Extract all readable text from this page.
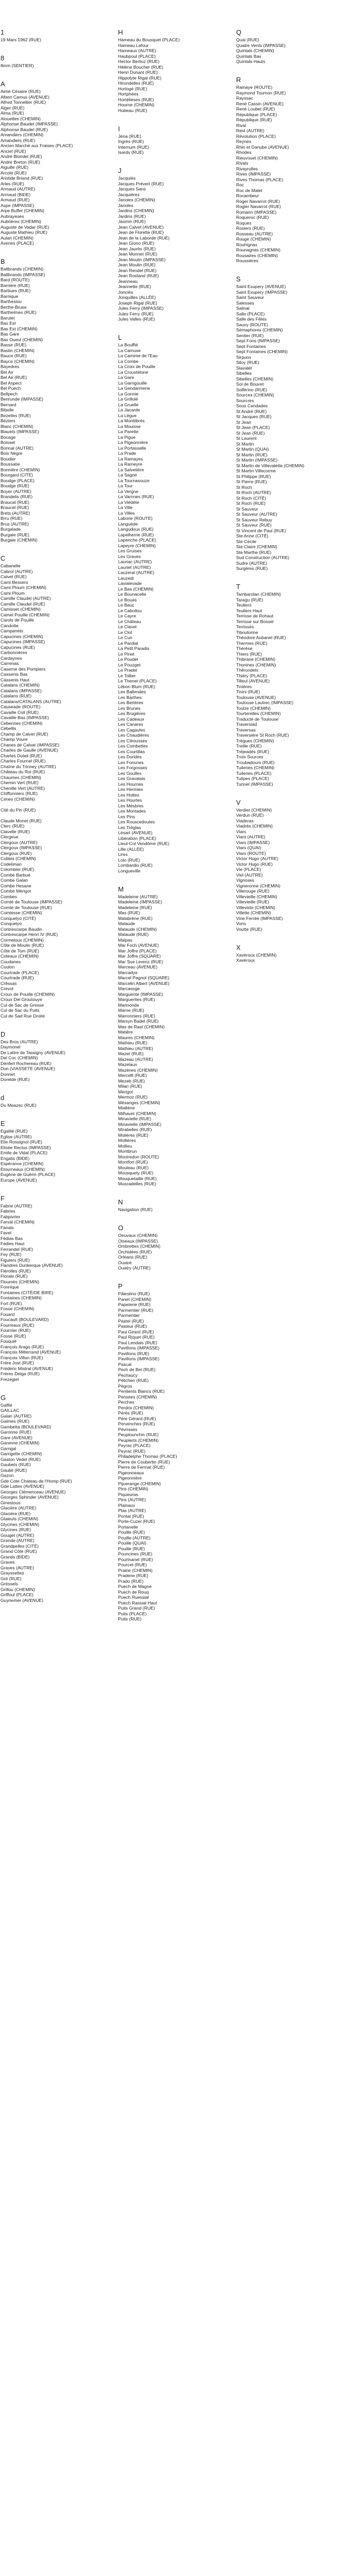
1
19 Mars 1962 (RUE)
8
8mm (SENTIER)
A
Aimé Césaire (RUE)
Albert Camus (AVENUE)
Alfred Tonnellier (RUE)
Alger (RUE)
Alma (RUE)
Alouettes (CHEMIN)
Alphonse Baudet (IMPASSE)
Alphonse Baudet (RUE)
Amandiers (CHEMIN)
Amandiers (RUE)
Ancien Marché aux Fraises (PLACE)
Anciel (RUE)
André Blondel (RUE)
André Breton (RUE)
Aiguille (RUE)
Arcole (RUE)
Aristide Briand (RUE)
Arles (RUE)
Armaud (AUTRE)
Armaud (BIDE)
Armaud (RUE)
Aspe (IMPASSE)
Arpe Buffet (CHEMIN)
Aubrayeses
Aubrières (CHEMIN)
Auguste de Vadar (RUE)
Auguste Mathieu (RUE)
Aulan (CHEMIN)
Avenes (PLACE)
B
Baltbrands (CHEMIN)
Baltbrands (IMPASSE)
Bard (ROUTE)
Barrière (RUE)
Barbues (RUE)
Barnique
Barthesiou
Berthe-Bruse
Barthelmes (RUE)
Barutel
Bas Est
Bas Est (CHEMIN)
Bas Gare
Bas Ouest (CHEMIN)
Basse (RUE)
Bastin (CHEMIN)
Bauce (RUE)
Bayce (CHEMIN)
Bayedres
Bel Air
Bel Air (RUE)
Bel Aspect
Bel Puech
Bellpech
Benrunde (IMPASSE)
Bernard
Bibelle
Bezelles (RUE)
Béziers
Blanc (CHEMIN)
Blauets (IMPASSE)
Bocage
Boissel
Bonnal (AUTRE)
Bois Nègre
Boudier
Boussatie
Bonnière (CHEMIN)
Bourgard (CITÉ)
Boudge (PLACE)
Boudge (RUE)
Boyer (AUTRE)
Brandelis (RUE)
Braucat (RUE)
Braucel (RUE)
Brets (AUTRE)
Brru (RUE)
Brus (AUTRE)
Burgalade
Burgale (RUE)
Burgale (CHEMIN)
C
Cabanelle
Cabrol (AUTRE)
Calvet (RUE)
Cami Bessers
Cami Ploum (CHEMIN)
Cami Ploum
Camille Claudel (AUTRE)
Camille Claudel (RUE)
Camisset (CHEMIN)
Camel Pouille (CHEMIN)
Carols de Pouille
Candotte
Campanets
Capucines (CHEMIN)
Capucines (IMPASSE)
Capucines (RUE)
Carbonnières
Cardaynes
Carrenas
Caserne des Pompiers
Cassenis Bas
Cassenis Haut
Catalans (CHEMIN)
Catalans (IMPASSE)
Catalans (RUE)
Catalans/CATALANS (AUTRE)
Causeade (ROUTE)
Cavaille Coll (RUE)
Cavaille-Bas (IMPASSE)
Cebennes (CHEMIN)
Cébellis
Champ de Calvet (RUE)
Champ Voure
Chanes de Calvat (IMPASSE)
Charles de Gaulle (AVENUE)
Charles Duteil (RUE)
Charles Fournel (RUE)
Chaîne du Trinney (AUTRE)
Château du Roi (RUE)
Chaumes (CHEMIN)
Chemin Vert (RUE)
Chenille Vert (AUTRE)
Chiffonniers (RUE)
Cimes (CHEMIN)
Cité du Pin (RUE)
Claude Monet (RUE)
Clerc (RUE)
Clavelle (RUE)
Clergeue
Clergoux (AUTRE)
Clergoux (IMPASSE)
Clergoux (RUE)
Cobbis (CHEMIN)
Codeliman
Colombier (RUE)
Combe Barbuè
Combe Galan
Combe Hesane
Combe Mérigot
Combes
Comté de Toulouse (IMPASSE)
Comté de Toulouse (RUE)
Comtesse (CHEMIN)
Conquelyo (CITÉ)
Conquelyo
Contrescarpe Baudin
Contrescarpe Henri IV (RUE)
Cormeloux (CHEMIN)
Côte de Moulin (RUE)
Côte de Tom (RUE)
Coteaux (CHEMIN)
Coudanes
Coulon
Courtrade (PLACE)
Courtrade (RUE)
Crêssas
Crevol
Croux de Pouille (CHEMIN)
Croux Del Groutouye
Cul de Sac de Gresse
Cul de Sac du Puits
Cul de Sad Rue Droite
D
Des Bros (AUTRE)
Daymonel
De Lattre de Tassigny (AVENUE)
Del Coc (CHEMIN)
Denfert Rochereau (RUE)
Don (VIASSETE (AVENUE)
Donnet
Dorelde (RUE)
d
Du Meazec (RUE)
E
Egalité (RUE)
Eglise (AUTRE)
Elie Rossignol (RUE)
Elisée Reclus (IMPASSE)
Emile de Vidal (PLACE)
Engalis (BIDE)
Espérance (CHEMIN)
Etourneaux (CHEMIN)
Eugène de Guérin (PLACE)
Europe (AVENUE)
F
Fabrie (AUTRE)
Fabries
Fabpivrier
Farval (CHEMIN)
Fanals
Favel
Fédias Bas
Fédies Haut
Ferrandel (RUE)
Fey (RUE)
Figuiers (RUE)
Flandres Dunkerque (AVENUE)
Flérolles (RUE)
Florale (RUE)
Floumès (CHEMIN)
Fonnique
Fontaines (CITÉ/DE BIRE)
Fontaines (CHEMIN)
Fort (RUE)
Fosse (CHEMIN)
Fouard
Foucault (BOULEVARD)
Fourreaux (RUE)
Fournier (RUE)
Fosse (RUE)
Fouquié
François Arago (RUE)
François Mitterrand (AVENUE)
François Villon (RUE)
Frère Jost (RUE)
Frédéric Mistral (AVENUE)
Frères Delga (RUE)
Frezegiel
G
Gaffié
GAILLAC
Galan (AUTRE)
Galmes (RUE)
Gambetta (BOULEVARD)
Garonne (RUE)
Gare (AVENUE)
Garenne (CHEMIN)
Garrigal
Garrigette (CHEMIN)
Gaston Vedel (RUE)
Gaubets (RUE)
Gaubil (RUE)
Gazon
Gde Cote Chateau de l'Homp (RUE)
Gde Lattes (AVENUE)
Georges Clémenceau (AVENUE)
Georges Sphinder (AVENUE)
Ginestous
Glacière (AUTRE)
Glacière (RUE)
Glaieuls (CHEMIN)
Glycines (CHEMIN)
Glycines (RUE)
Gouget (AUTRE)
Grande (AUTRE)
Grandpelles (CITÉ)
Grand Côte (RUE)
Grands (BIDE)
Graves
Graves (AUTRE)
Grayssettes
Gré (RUE)
Gréssels
Grillou (CHEMIN)
Griffoul (PLACE)
Guynemer (AVENUE)
H
Hameau du Bousquet (PLACE)
Hameau Lafour
Hameaux (AUTRE)
Haubpoul (PLACE)
Hector Berlioz (RUE)
Hélène Boucher (RUE)
Henri Dunant (RUE)
Hippolyte Rigal (RUE)
Hirondelles (RUE)
Horlogé (RUE)
Hortphées
Hortélieses (RUE)
Hourne (CHEMIN)
Hubeau (RUE)
I
Jéna (RUE)
Ingrès (RUE)
Internum (RUE)
Isards (RUE)
J
Jacquiès
Jacques Prévert (RUE)
Jacques Sans
Jacquières
Janoles (CHEMIN)
Janoles
Jardins (CHEMIN)
Jardins (RUE)
Jasmin (RUE)
Jean Calvet (AVENUE)
Jean de Florette (RUE)
Jean de la Laborde (RUE)
Jean Giono (RUE)
Jean Jaurès (RUE)
Jean Monnet (RUE)
Jean Moulin (IMPASSE)
Jean Moulin (RUE)
Jean Rendel (RUE)
Jean Rostand (RUE)
Jeanneau
Jeannette (RUE)
Jonciès
Jonquilles (ALLÉE)
Joseph Rigal (RUE)
Jules Ferry (IMPASSE)
Jules Ferry (RUE)
Jules Valles (RUE)
L
La Bouffié
La Camuse
La Caminie de l'Eau
La Combe
La Croix de Pouille
La Croustéloné
La Gare
La Garrigouille
La Gendarmerie
La Gonnie
La Grillolé
La Gruelle
La Jacarde
La Lègue
La Montlibrés
La Mouisse
La Parette
La Pigue
La Pigeonnière
La Portasselle
La Prade
La Ramayes
La Rameyre
La Salvetière
La Sagne
La Tournasouze
La Tour
La Vergne
La Varnnes (RUE)
La Viédéte
La Ville
La Villes
Laborie (ROUTE)
Languède
Langudoux (RUE)
Lapelherrie (RUE)
Lapenche (PLACE)
Lapeyre (CHEMIN)
Les Gruises
Les Graves
Lauriac (AUTRE)
Lauriet (AUTRE)
Lauzeral (AUTRE)
Lauzedi
Lavialevade
Le Bas (CHEMIN)
Le Bounacelle
Le Bouas
Le Bauc
Le Cabollou
Le Cayre
Le Château
Le Clavel
Le Clot
Le Cun
Le Pardial
La Petit Paradis
Le Pinet
Le Poudel
Le Pouzget
Le Pradel
Le Tollier
Le Thenet (PLACE)
Lébon Blum (RUE)
Les Ballendes
Les Barthes
Les Bertères
Les Brunes
Les Brugières
Les Cadeaux
Les Canares
Les Cagaules
Les Chaudières
Les Cléousses
Les Combettes
Les Courtillas
Les Dorides
Les Fonunes
Les Forgosses
Les Goulles
Les Gravalais
Les Hournes
Les Hermies
Les Huttes
Les Hourtes
Les Mésbres
Les Montades
Les Pins
Les Rouscedoutes
Les Trèglas
Lésart (AVENUE)
Libération (PLACE)
Lieut-Col Vendôme (RUE)
Lille (ALLÉE)
Lires
Lolo (RUE)
Lombardio (RUE)
Longueville
M
Madeleine (AUTRE)
Madeleine (IMPASSE)
Madeleine (RUE)
Mas (RUE)
Malabrène (RUE)
Malaude
Malaude (CHEMIN)
Malaudé (RUE)
Malpas
Mar Foch (AVENUE)
Mar Joffre (PLACE)
Mar Joffre (SQUARE)
Mar Sue Lerenz (RUE)
Marceau (AVENUE)
Marcadye
Marcel Pagnol (SQUARE)
Marcelin Albert (AVENUE)
Marcassge
Marguerite (IMPASSE)
Marguerites (RUE)
Marinonde
Marne (RUE)
Marronniers (RUE)
Marsyn Badel (RUE)
Mas de Rast (CHEMIN)
Matière
Maures (CHEMIN)
Mathieu (RUE)
Mathieu (AUTRE)
Mazet (RUE)
Mazeau (AUTRE)
Mazelaux
Mazènes (CHEMIN)
Mercelll (RUE)
Mezeb (RUE)
Milan (RUE)
Merigot
Mermoz (RUE)
Mésanges (CHEMIN)
Mialtène
Milhavet (CHEMIN)
Minavielle (RUE)
Minavielle (IMPASSE)
Mirabelles (RUE)
Molières (RUE)
Mollières
Mollieu
Montbrun
Montredon (ROUTE)
Montfort (RUE)
Mouleau (RUE)
Mousquety (RUE)
Mouquetaille (RUE)
Muscadelles (RUE)
N
Navigation (RUE)
O
Oeuvaux (CHEMIN)
Oiseaux (IMPASSE)
Ombrettes (CHEMIN)
Orchidées (RUE)
Orléans (RUE)
Ouatré
Ouatry (AUTRE)
P
Pâlestino (RUE)
Panet (CHEMIN)
Papeterie (RUE)
Parmentier (RUE)
Parmentier
Pastel (RUE)
Pasteur (RUE)
Paul Girard (RUE)
Paul Riquet (RUE)
Paul Lendais (RUE)
Pavillons (IMPASSE)
Pavillons (RUE)
Pavillons (IMPASSE)
Pascal
Pech de Bel (RUE)
Pechaucy
Pélichen (RUE)
Pègros
Penitents Blancs (RUE)
Pensées (CHEMIN)
Perches
Perdrix (CHEMIN)
Pérès (RUE)
Père Gérard (RUE)
Pervenches (RUE)
Pévrisses
Peuplounchin (RUE)
Peuplerts (CHEMIN)
Peyrac (PLACE)
Peyrac (RUE)
Philadelphe Thomas (PLACE)
Pierre de Coubertin (RUE)
Pierre de Fermat (RUE)
Pigeonneaux
Pigeonnière
Pijuerange (CHEMIN)
Pins (CHEMIN)
Piqueuras
Pins (AUTRE)
Plainaux
Plas (AUTRE)
Pontal (RUE)
Porte-Cuzel (RUE)
Portanelle
Pouille (RUE)
Pouille (AUTRE)
Pouille (QUAI)
Pouille (RUE)
Pouncines (RUE)
Pourtnanel (RUE)
Pourcet (RUE)
Prairie (CHEMIN)
Praderie (RUE)
Prado (RUE)
Puech de Magne
Puech de Rouq
Puech Ruessial
Puech Rassial Haut
Puits Grand (RUE)
Puits (PLACE)
Puits (RUE)
Q
Quai (RUE)
Quatre Vents (IMPASSE)
Quintals (CHEMIN)
Quintals Bas
Quintals Hauts
R
Ramaye (ROUTE)
Raymond Tournon (RUE)
Rayssac
René Cassin (AVENUE)
René Loubet (RUE)
République (PLACE)
République (RUE)
Rival
Rest (AUTRE)
Révolution (PLACE)
Reynes
Rhin et Danube (AVENUE)
Rhodes
Rieuvouet (CHEMIN)
Rivals
Rivayrolles
Rives (IMPASSE)
Rives Thomas (PLACE)
Roc
Roc de Malet
Rocambeur
Roger Navarrot (RUE)
Rogier Navarrot (RUE)
Romarin (IMPASSE)
Roqueroc (RUE)
Roques
Rosiers (RUE)
Rosseau (AUTRE)
Rouge (CHEMIN)
Rouhignax
Rounagnas (CHEMIN)
Rousaires (CHEMIN)
Roussières
S
Saint Exupery (AVENUE)
Saint Exupery (IMPASSE)
Saint Sauveur
Salesses
Salinal
Salle (PLACE)
Salle des Fêtes
Sauvy (ROUTE)
Sémaphores (CHEMIN)
Sentier (RUE)
Sept Fons (IMPASSE)
Sept Fontaines
Sept Fontaines (CHEMIN)
Sirpuos
Siloy (RUE)
Slavalét
Sibelles
Sibelles (CHEMIN)
Sol de Bouvet
Solférino (RUE)
Sources (CHEMIN)
Sourcres
Sous Candades
St André (RUE)
St Jacques (RUE)
St Jean
St Jean (PLACE)
St Jean (RUE)
St Laurent
St Martin
St Martin (QUAI)
St Martin (RUE)
St Martin (IMPASSE)
St Martin de Villevalette (CHEMIN)
St Martin Villecorme
St Philippe (RUE)
St Pierre (RUE)
St Roch
St Roch (AUTRE)
St Roch (CITÉ)
St Roch (RUE)
St Sauveur
St Sauveur (AUTRE)
St Sauveur Rebuy
St Sauveur (RUE)
St Vincent de Paul (RUE)
Ste Anne (CITÉ)
Ste Cécile
Ste Claire (CHEMIN)
Ste Marthe (RUE)
Sud Construction (AUTRE)
Sudre (AUTRE)
Surgères (RUE)
T
Tambarolan (CHEMIN)
Taragu (RUE)
Teuliers
Teuliers Haut
Terrisse de Rohaut
Terrisse sur Bossel
Terrisses
Tiboutonne
Théodore Aubanel (RUE)
Thermes (RUE)
Thérèse
Thiers (RUE)
Thibrane (CHEMIN)
Thonines (CHEMIN)
Thérondels
Thiéry (PLACE)
Tilleul (AVENUE)
Tinières
Tinini (RUE)
Toulouse (AVENUE)
Toulouse Lautrec (IMPASSE)
Toulze (CHEMIN)
Tourterelles (CHEMIN)
Traducte de Toulouse
Traversiad
Traversas
Traversière St Roch (RUE)
Trègues (CHEMIN)
Treille (RUE)
Tréjeadés (RUE)
Trois Sources
Troubadours (RUE)
Tuileries (CHEMIN)
Tuileries (PLACE)
Tulipes (PLACE)
Tunnel (IMPASSE)
V
Verdier (CHEMIN)
Verdun (RUE)
Viaderas
Viadrès (CHEMIN)
Viars
Viars (AUTRE)
Viars (IMPASSE)
Viars (QUAI)
Viars (ROUTE)
Victor Hugo (AUTRE)
Victor Hugo (RUE)
Vie (PLACE)
Viel (AUTRE)
Vignoses
Vigneronne (CHEMIN)
Villerouge (RUE)
Villevieille (CHEMIN)
Villevieille (RUE)
Villeviste (CHEMIN)
Villette (CHEMIN)
Vine Ferrée (IMPASSE)
Vons
Voutte (RUE)
X
Xavéroux (CHEMIN)
Xavéroux
